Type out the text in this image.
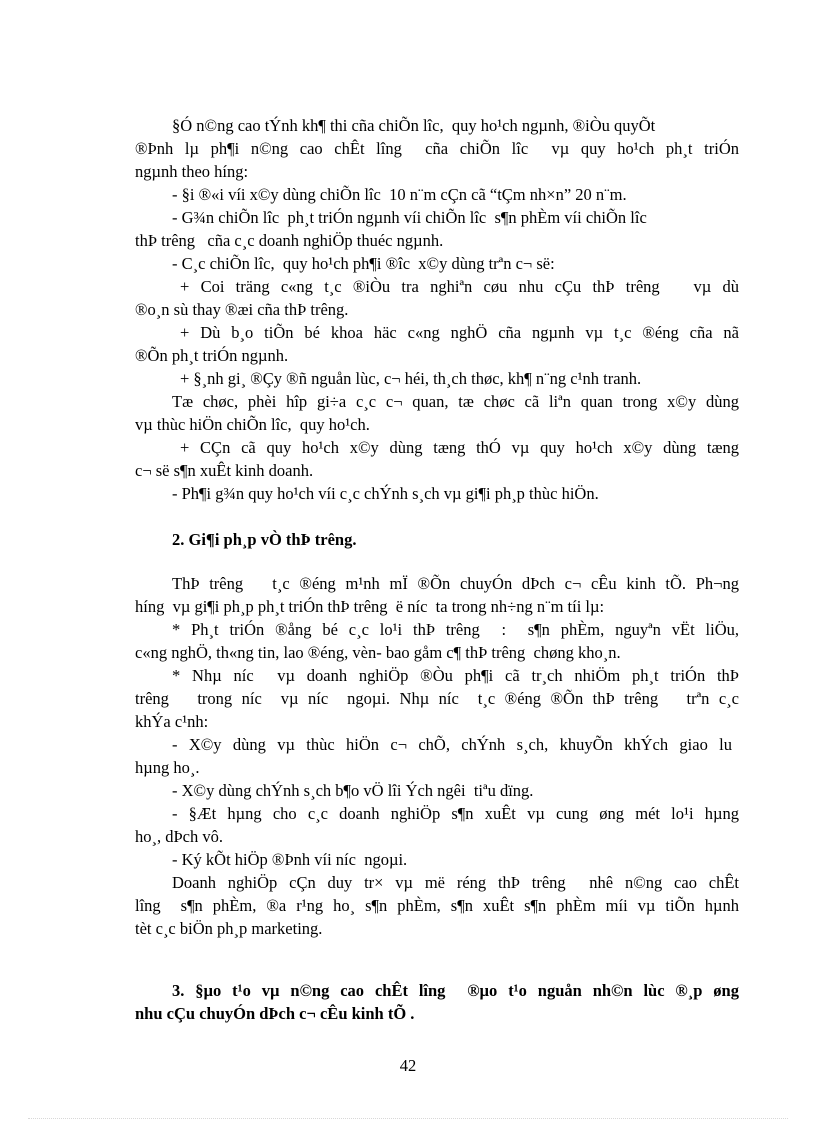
§Ó n©ng cao tÝnh kh¶ thi cña chiÕn lîc,  quy ho¹ch ngµnh, ®iÒu quyÕt
®Þnh lµ ph¶i n©ng cao chÊt lîng  cña chiÕn lîc  vµ quy ho¹ch ph¸t triÓn
ngµnh theo híng:
- §i ®«i víi x©y dùng chiÕn lîc  10 n¨m cÇn cã “tÇm nh×n” 20 n¨m.
- G¾n chiÕn lîc  ph¸t triÓn ngµnh víi chiÕn lîc  s¶n phÈm víi chiÕn lîc
thÞ trêng   cña c¸c doanh nghiÖp thuéc ngµnh.
- C¸c chiÕn lîc,  quy ho¹ch ph¶i ®îc  x©y dùng trªn c¬ së:
+ Coi träng c«ng t¸c ®iÒu tra nghiªn cøu nhu cÇu thÞ trêng   vµ dù
®o¸n sù thay ®æi cña thÞ trêng.
+ Dù b¸o tiÕn bé khoa häc c«ng nghÖ cña ngµnh vµ t¸c ®éng cña nã
®Õn ph¸t triÓn ngµnh.
+ §¸nh gi¸ ®Çy ®ñ nguån lùc, c¬ héi, th¸ch thøc, kh¶ n¨ng c¹nh tranh.
Tæ chøc, phèi hîp gi÷a c¸c c¬ quan, tæ chøc cã liªn quan trong x©y dùng
vµ thùc hiÖn chiÕn lîc,  quy ho¹ch.
+ CÇn cã quy ho¹ch x©y dùng tæng thÓ vµ quy ho¹ch x©y dùng tæng
c¬ së s¶n xuÊt kinh doanh.
- Ph¶i g¾n quy ho¹ch víi c¸c chÝnh s¸ch vµ gi¶i ph¸p thùc hiÖn.
2. Gi¶i ph¸p vÒ thÞ trêng.
ThÞ trêng   t¸c ®éng m¹nh mÏ ®Õn chuyÓn dÞch c¬ cÊu kinh tÕ. Ph¬ng
híng  vµ gi¶i ph¸p ph¸t triÓn thÞ trêng  ë níc  ta trong nh÷ng n¨m tíi lµ:
* Ph¸t triÓn ®ång bé c¸c lo¹i thÞ trêng  :  s¶n phÈm, nguyªn vËt liÖu,
c«ng nghÖ, th«ng tin, lao ®éng, vèn- bao gåm c¶ thÞ trêng  chøng kho¸n.
* Nhµ níc  vµ doanh nghiÖp ®Òu ph¶i cã tr¸ch nhiÖm ph¸t triÓn thÞ
trêng   trong níc  vµ níc  ngoµi. Nhµ níc  t¸c ®éng ®Õn thÞ trêng   trªn c¸c
khÝa c¹nh:
- X©y dùng vµ thùc hiÖn c¬ chÕ, chÝnh s¸ch, khuyÕn khÝch giao lu
hµng ho¸.
- X©y dùng chÝnh s¸ch b¶o vÖ lîi Ých ngêi  tiªu dïng.
- §Æt hµng cho c¸c doanh nghiÖp s¶n xuÊt vµ cung øng mét lo¹i hµng
ho¸, dÞch vô.
- Ký kÕt hiÖp ®Þnh víi níc  ngoµi.
Doanh nghiÖp cÇn duy tr× vµ më réng thÞ trêng  nhê n©ng cao chÊt
lîng  s¶n phÈm, ®a r¹ng ho¸ s¶n phÈm, s¶n xuÊt s¶n phÈm míi vµ tiÕn hµnh
tèt c¸c biÖn ph¸p marketing.
3. §µo t¹o vµ n©ng cao chÊt lîng  ®µo t¹o nguån nh©n lùc ®¸p øng
nhu cÇu chuyÓn dÞch c¬ cÊu kinh tÕ .
42
